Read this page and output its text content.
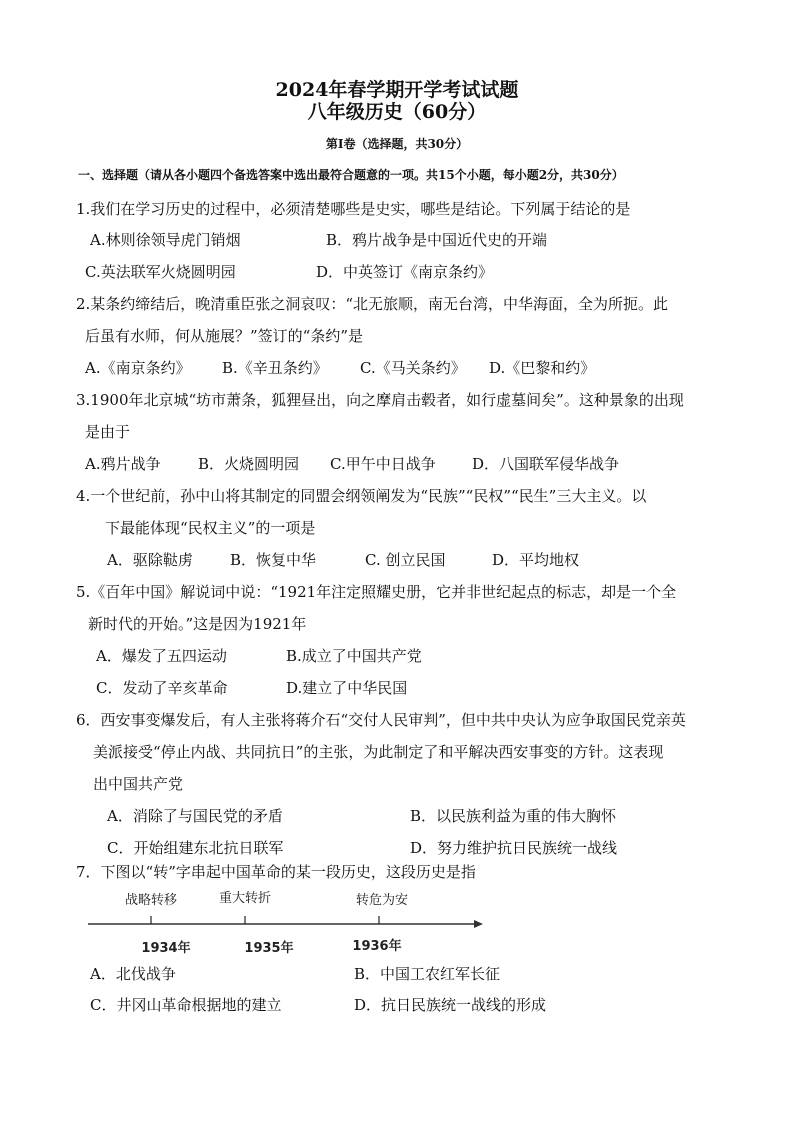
2024年春学期开学考试试题
八年级历史（60分）
第Ⅰ卷（选择题，共30分）
一、选择题（请从各小题四个备选答案中选出最符合题意的一项。共15个小题，每小题2分，共30分）
1.我们在学习历史的过程中，必须清楚哪些是史实，哪些是结论。下列属于结论的是
A.林则徐领导虎门销烟	B．鸦片战争是中国近代史的开端
C.英法联军火烧圆明园	D．中英签订《南京条约》
2.某条约缔结后，晚清重臣张之洞哀叹：“北无旅顺，南无台湾，中华海面，全为所扼。此
后虽有水师，何从施展？”签订的“条约”是
A.《南京条约》 B.《辛丑条约》 C.《马关条约》 D.《巴黎和约》
3.1900年北京城“坊市萧条，狐狸昼出，向之摩肩击毂者，如行虚墓间矣”。这种景象的出现
是由于
A.鸦片战争 B．火烧圆明园 C.甲午中日战争 D．八国联军侵华战争
4.一个世纪前，孙中山将其制定的同盟会纲领阐发为“民族”“民权”“民生”三大主义。以
下最能体现“民权主义”的一项是
A．驱除鞑虏 B．恢复中华	C. 创立民国	D．平均地权
5.《百年中国》解说词中说：“1921年注定照耀史册，它并非世纪起点的标志，却是一个全
新时代的开始。”这是因为1921年
A．爆发了五四运动	B.成立了中国共产党
C．发动了辛亥革命	D.建立了中华民国
6．西安事变爆发后，有人主张将蒋介石“交付人民审判”，但中共中央认为应争取国民党亲英
美派接受“停止内战、共同抗日”的主张，为此制定了和平解决西安事变的方针。这表现
出中国共产党
A．消除了与国民党的矛盾	B．以民族利益为重的伟大胸怀
C．开始组建东北抗日联军	D．努力维护抗日民族统一战线
7．下图以“转”字串起中国革命的某一段历史，这段历史是指
战略转移	重大转折	转危为安
1934年	1935年	1936年
A．北伐战争	B．中国工农红军长征
C．井冈山革命根据地的建立	D．抗日民族统一战线的形成
